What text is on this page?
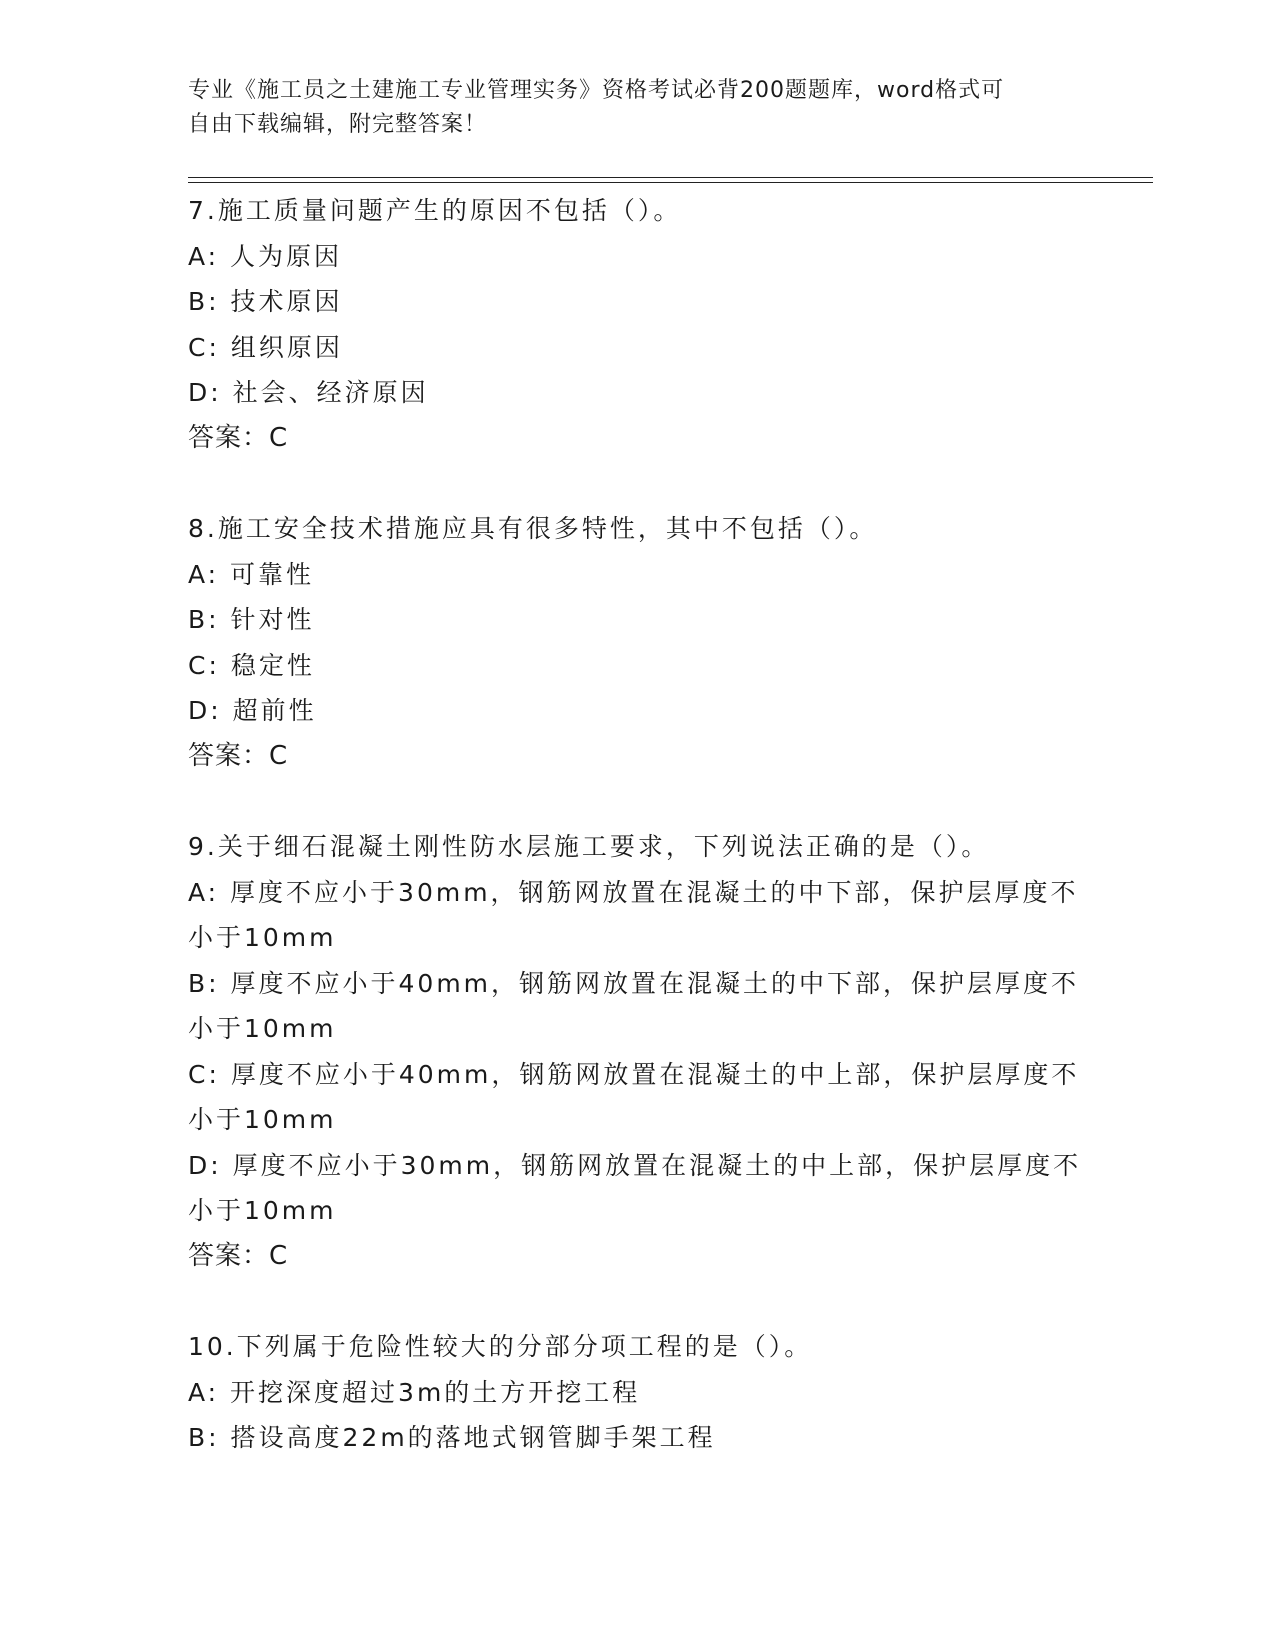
专业《施工员之土建施工专业管理实务》资格考试必背200题题库，word格式可
自由下载编辑，附完整答案！
7.施工质量问题产生的原因不包括（）。
A: 人为原因
B: 技术原因
C: 组织原因
D: 社会、经济原因
答案：C
8.施工安全技术措施应具有很多特性，其中不包括（）。
A: 可靠性
B: 针对性
C: 稳定性
D: 超前性
答案：C
9.关于细石混凝土刚性防水层施工要求，下列说法正确的是（）。
A: 厚度不应小于30mm，钢筋网放置在混凝土的中下部，保护层厚度不
小于10mm
B: 厚度不应小于40mm，钢筋网放置在混凝土的中下部，保护层厚度不
小于10mm
C: 厚度不应小于40mm，钢筋网放置在混凝土的中上部，保护层厚度不
小于10mm
D: 厚度不应小于30mm，钢筋网放置在混凝土的中上部，保护层厚度不
小于10mm
答案：C
10.下列属于危险性较大的分部分项工程的是（）。
A: 开挖深度超过3m的土方开挖工程
B: 搭设高度22m的落地式钢管脚手架工程
